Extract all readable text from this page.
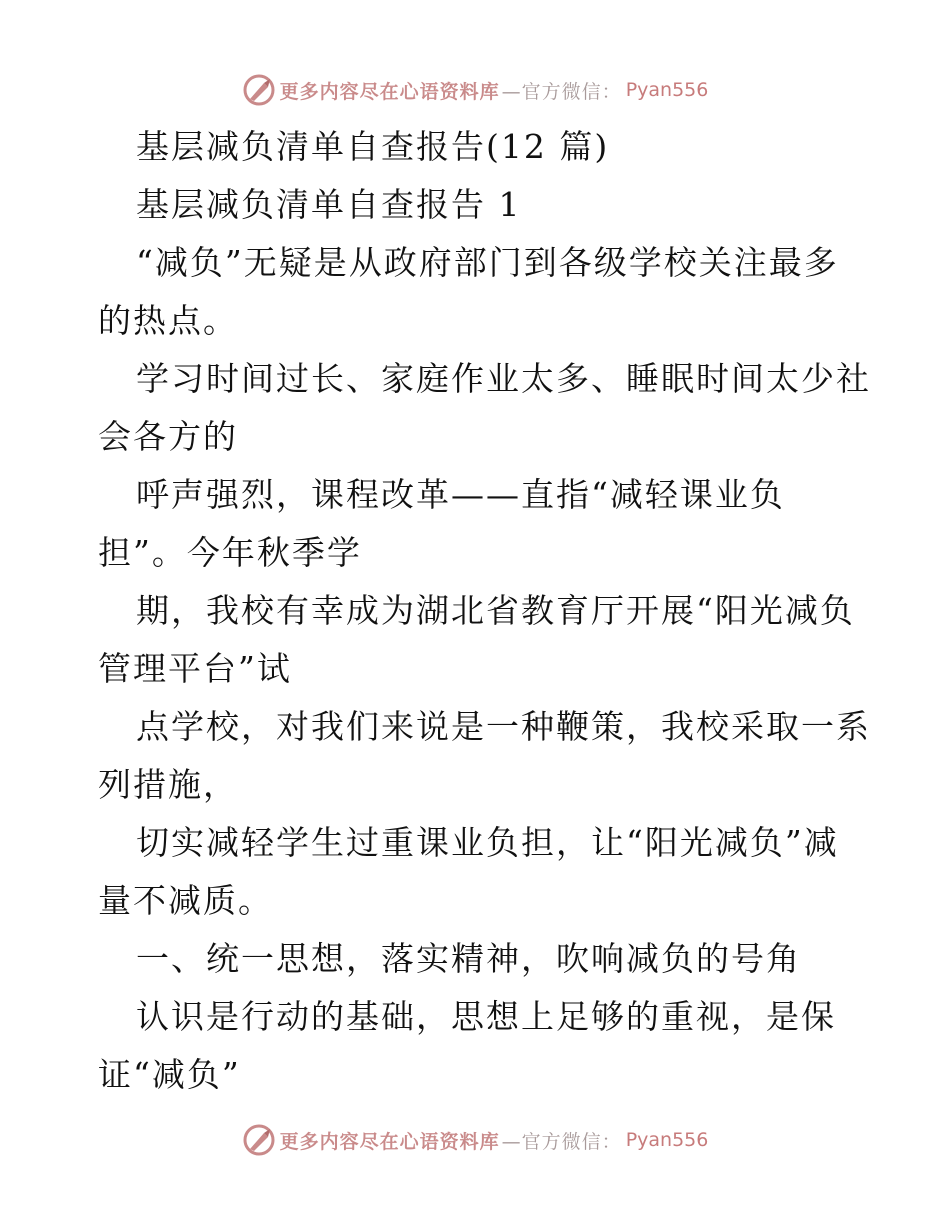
更多内容尽在心语资料库 —官方微信： Pyan556
基层减负清单自查报告(12 篇)
基层减负清单自查报告 1
“减负”无疑是从政府部门到各级学校关注最多
的热点。
学习时间过长、家庭作业太多、睡眠时间太少社
会各方的
呼声强烈，课程改革——直指“减轻课业负
担”。今年秋季学
期，我校有幸成为湖北省教育厅开展“阳光减负
管理平台”试
点学校，对我们来说是一种鞭策，我校采取一系
列措施，
切实减轻学生过重课业负担，让“阳光减负”减
量不减质。
一、统一思想，落实精神，吹响减负的号角
认识是行动的基础，思想上足够的重视，是保
证“减负”
更多内容尽在心语资料库 —官方微信： Pyan556
